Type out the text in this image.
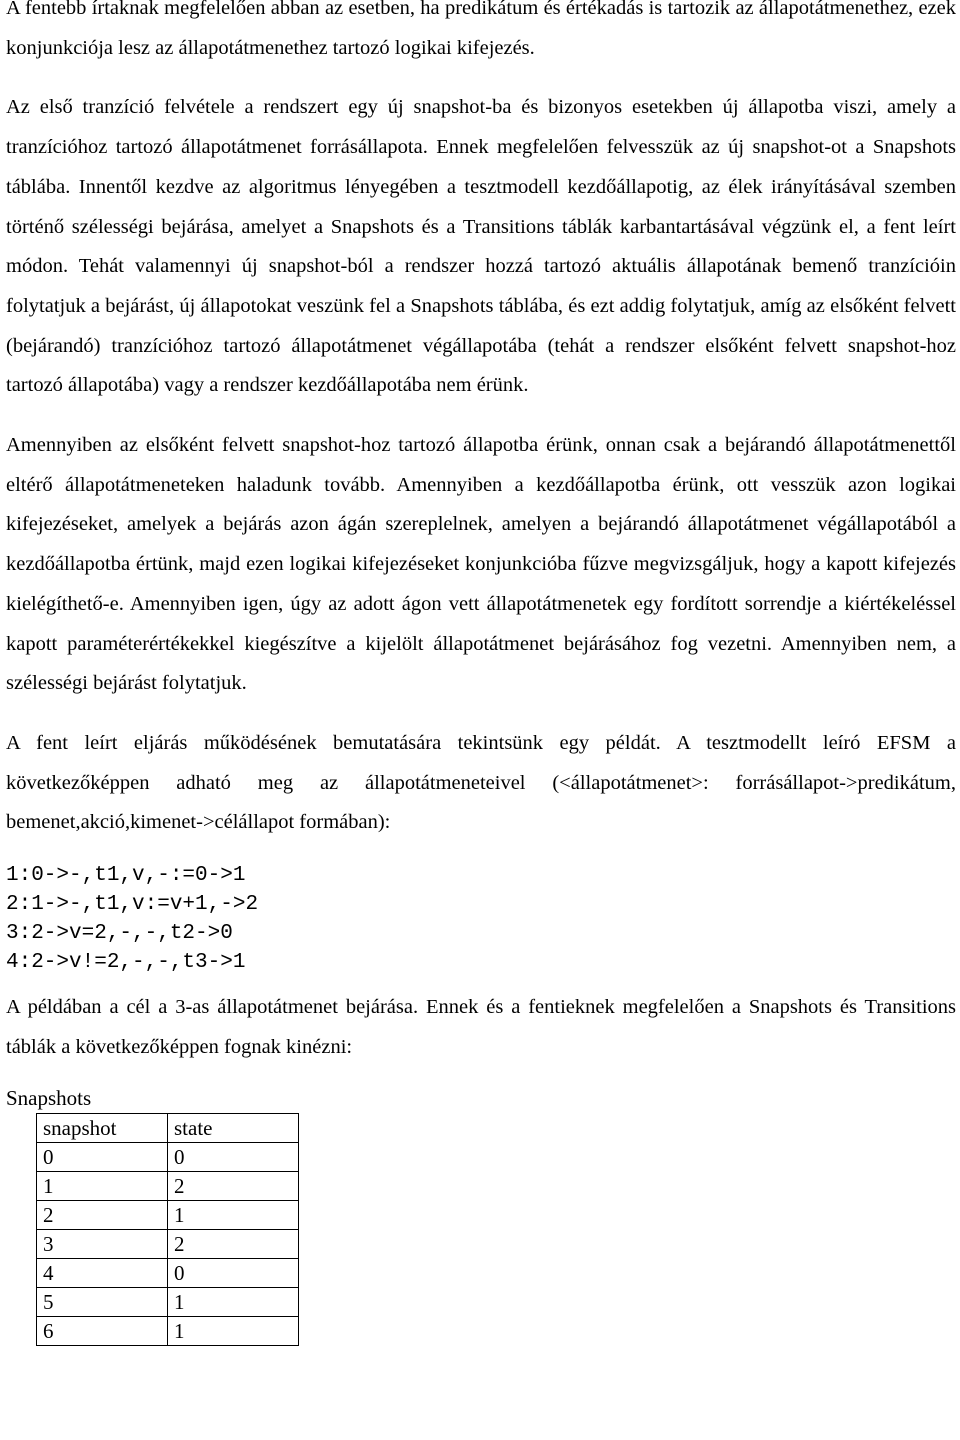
A fentebb írtaknak megfelelően abban az esetben, ha predikátum és értékadás is tartozik az állapotátmenethez, ezek konjunkciója lesz az állapotátmenethez tartozó logikai kifejezés.

Az első tranzíció felvétele a rendszert egy új snapshot-ba és bizonyos esetekben új állapotba viszi, amely a tranzícióhoz tartozó állapotátmenet forrásállapota. Ennek megfelelően felvesszük az új snapshot-ot a Snapshots táblába. Innentől kezdve az algoritmus lényegében a tesztmodell kezdőállapotig, az élek irányításával szemben történő szélességi bejárása, amelyet a Snapshots és a Transitions táblák karbantartásával végzünk el, a fent leírt módon. Tehát valamennyi új snapshot-ból a rendszer hozzá tartozó aktuális állapotának bemenő tranzícióin folytatjuk a bejárást, új állapotokat veszünk fel a Snapshots táblába, és ezt addig folytatjuk, amíg az elsőként felvett (bejárandó) tranzícióhoz tartozó állapotátmenet végállapotába (tehát a rendszer elsőként felvett snapshot-hoz tartozó állapotába) vagy a rendszer kezdőállapotába nem érünk.

Amennyiben az elsőként felvett snapshot-hoz tartozó állapotba érünk, onnan csak a bejárandó állapotátmenettől eltérő állapotátmeneteken haladunk tovább. Amennyiben a kezdőállapotba érünk, ott vesszük azon logikai kifejezéseket, amelyek a bejárás azon ágán szereplelnek, amelyen a bejárandó állapotátmenet végállapotából a kezdőállapotba értünk, majd ezen logikai kifejezéseket konjunkcióba fűzve megvizsgáljuk, hogy a kapott kifejezés kielégíthető-e. Amennyiben igen, úgy az adott ágon vett állapotátmenetek egy fordított sorrendje a kiértékeléssel kapott paraméterértékekkel kiegészítve a kijelölt állapotátmenet bejárásához fog vezetni. Amennyiben nem, a szélességi bejárást folytatjuk.

A fent leírt eljárás működésének bemutatására tekintsünk egy példát. A tesztmodellt leíró EFSM a következőképpen adható meg az állapotátmeneteivel (<állapotátmenet>: forrásállapot->predikátum, bemenet,akció,kimenet->célállapot formában):

1:0->-,t1,v,-:=0->1
2:1->-,t1,v:=v+1,->2
3:2->v=2,-,-,t2->0
4:2->v!=2,-,-,t3->1

A példában a cél a 3-as állapotátmenet bejárása. Ennek és a fentieknek megfelelően a Snapshots és Transitions táblák a következőképpen fognak kinézni:

Snapshots
snapshot	state
0	0
1	2
2	1
3	2
4	0
5	1
6	1
